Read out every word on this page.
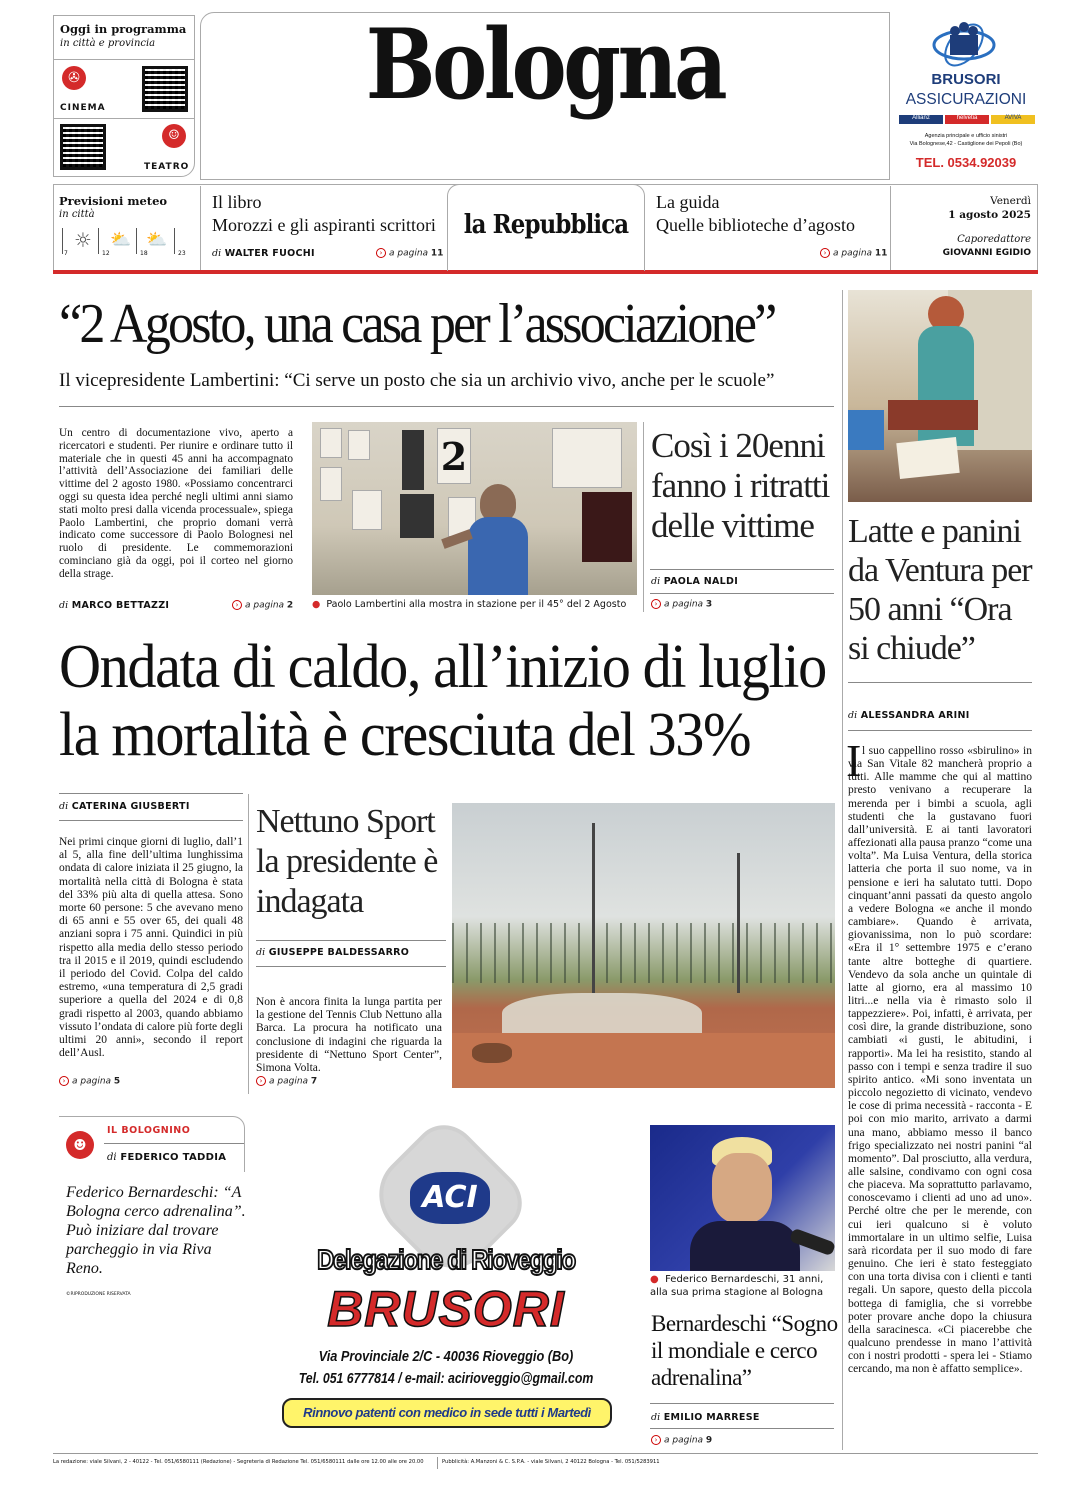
Oggi in programma
in città e provincia
✇
CINEMA
☺
TEATRO
Bologna	BRUSORI
ASSICURAZIONI
Allianz	helvetia	AVIVA
Agenzia principale e ufficio sinistri
Via Bolognese,42 - Castiglione dei Pepoli (Bo)
TEL. 0534.92039
Previsioni meteo
in città
☼ ⛅ ⛅
7	12	18	23
Il libro
Morozzi e gli aspiranti scrittori
di WALTER FUOCHI	› a pagina 11
la Repubblica
La guida
Quelle biblioteche d’agosto
› a pagina 11
Venerdì
1 agosto 2025
Caporedattore
GIOVANNI EGIDIO
“2 Agosto, una casa per l’associazione”
Il vicepresidente Lambertini: “Ci serve un posto che sia un archivio vivo, anche per le scuole”
Un centro di documentazione vivo, aperto a ricercatori e studenti. Per riunire e ordinare tutto il materiale che in questi 45 anni ha accompagnato l’attività dell’Associazione dei familiari delle vittime del 2 agosto 1980. «Possiamo concentrarci oggi su questa idea perché negli ultimi anni siamo stati molto presi dalla vicenda processuale», spiega Paolo Lambertini, che proprio domani verrà indicato come successore di Paolo Bolognesi nel ruolo di presidente. Le commemorazioni cominciano già da oggi, poi il corteo nel giorno della strage.
di MARCO BETTAZZI	› a pagina 2
2
● Paolo Lambertini alla mostra in stazione per il 45° del 2 Agosto
Così i 20enni fanno i ritratti delle vittime
di PAOLA NALDI
› a pagina 3
Latte e panini da Ventura per 50 anni “Ora si chiude”
di ALESSANDRA ARINI
I l suo cappellino rosso «sbirulino» in via San Vitale 82 mancherà proprio a tutti. Alle mamme che qui al mattino presto venivano a recuperare la merenda per i bimbi a scuola, agli studenti che la gustavano fuori dall’università. E ai tanti lavoratori affezionati alla pausa pranzo “come una volta”. Ma Luisa Ventura, della storica latteria che porta il suo nome, va in pensione e ieri ha salutato tutti. Dopo cinquant’anni passati da questo angolo a vedere Bologna «e anche il mondo cambiare». Quando è arrivata, giovanissima, non lo può scordare: «Era il 1° settembre 1975 e c’erano tante altre botteghe di quartiere. Vendevo da sola anche un quintale di latte al giorno, era al massimo 10 litri...e nella via è rimasto solo il tappezziere». Poi, infatti, è arrivata, per così dire, la grande distribuzione, sono cambiati «i gusti, le abitudini, i rapporti». Ma lei ha resistito, stando al passo con i tempi e senza tradire il suo spirito antico. «Mi sono inventata un piccolo negozietto di vicinato, vendevo le cose di prima necessità - racconta - E poi con mio marito, arrivato a darmi una mano, abbiamo messo il banco frigo specializzato nei nostri panini “al momento”. Dal prosciutto, alla verdura, alle salsine, condivamo con ogni cosa che piaceva. Ma soprattutto parlavamo, conoscevamo i clienti ad uno ad uno». Perché oltre che per le merende, con cui ieri qualcuno si è voluto immortalare in un ultimo selfie, Luisa sarà ricordata per il suo modo di fare genuino. Che ieri è stato festeggiato con una torta divisa con i clienti e tanti regali. Un sapore, questo della piccola bottega di famiglia, che si vorrebbe poter provare anche dopo la chiusura della saracinesca. «Ci piacerebbe che qualcuno prendesse in mano l’attività con i nostri prodotti - spera lei - Stiamo cercando, ma non è affatto semplice».
Ondata di caldo, all’inizio di luglio
la mortalità è cresciuta del 33%
di CATERINA GIUSBERTI
Nei primi cinque giorni di luglio, dall’1 al 5, alla fine dell’ultima lunghissima ondata di calore iniziata il 25 giugno, la mortalità nella città di Bologna è stata del 33% più alta di quella attesa. Sono morte 60 persone: 5 che avevano meno di 65 anni e 55 over 65, dei quali 48 anziani sopra i 75 anni. Quindici in più rispetto alla media dello stesso periodo tra il 2015 e il 2019, quindi escludendo il periodo del Covid. Colpa del caldo estremo, «una temperatura di 2,5 gradi superiore a quella del 2024 e di 0,8 gradi rispetto al 2003, quando abbiamo vissuto l’ondata di calore più forte degli ultimi 20 anni», secondo il report dell’Ausl.
› a pagina 5
Nettuno Sport la presidente è indagata
di GIUSEPPE BALDESSARRO
Non è ancora finita la lunga partita per la gestione del Tennis Club Nettuno alla Barca. La procura ha notificato una conclusione di indagini che riguarda la presidente di “Nettuno Sport Center”, Simona Volta.
› a pagina 7
☻
IL BOLOGNINO
di FEDERICO TADDIA
Federico Bernardeschi: “A Bologna cerco adrenalina”. Può iniziare dal trovare parcheggio in via Riva Reno.
©RIPRODUZIONE RISERVATA
ACI
Delegazione di Rioveggio
BRUSORI
Via Provinciale 2/C - 40036 Rioveggio (Bo)
Tel. 051 6777814 / e-mail: acirioveggio@gmail.com
Rinnovo patenti con medico in sede tutti i Martedì
● Federico Bernardeschi, 31 anni, alla sua prima stagione al Bologna
Bernardeschi “Sogno il mondiale e cerco adrenalina”
di EMILIO MARRESE
› a pagina 9
La redazione: viale Silvani, 2 - 40122 - Tel. 051/6580111 (Redazione) - Segreteria di Redazione Tel. 051/6580111 dalle ore 12.00 alle ore 20.00	Pubblicità: A.Manzoni & C. S.P.A. - viale Silvani, 2 40122 Bologna - Tel. 051/5283911
